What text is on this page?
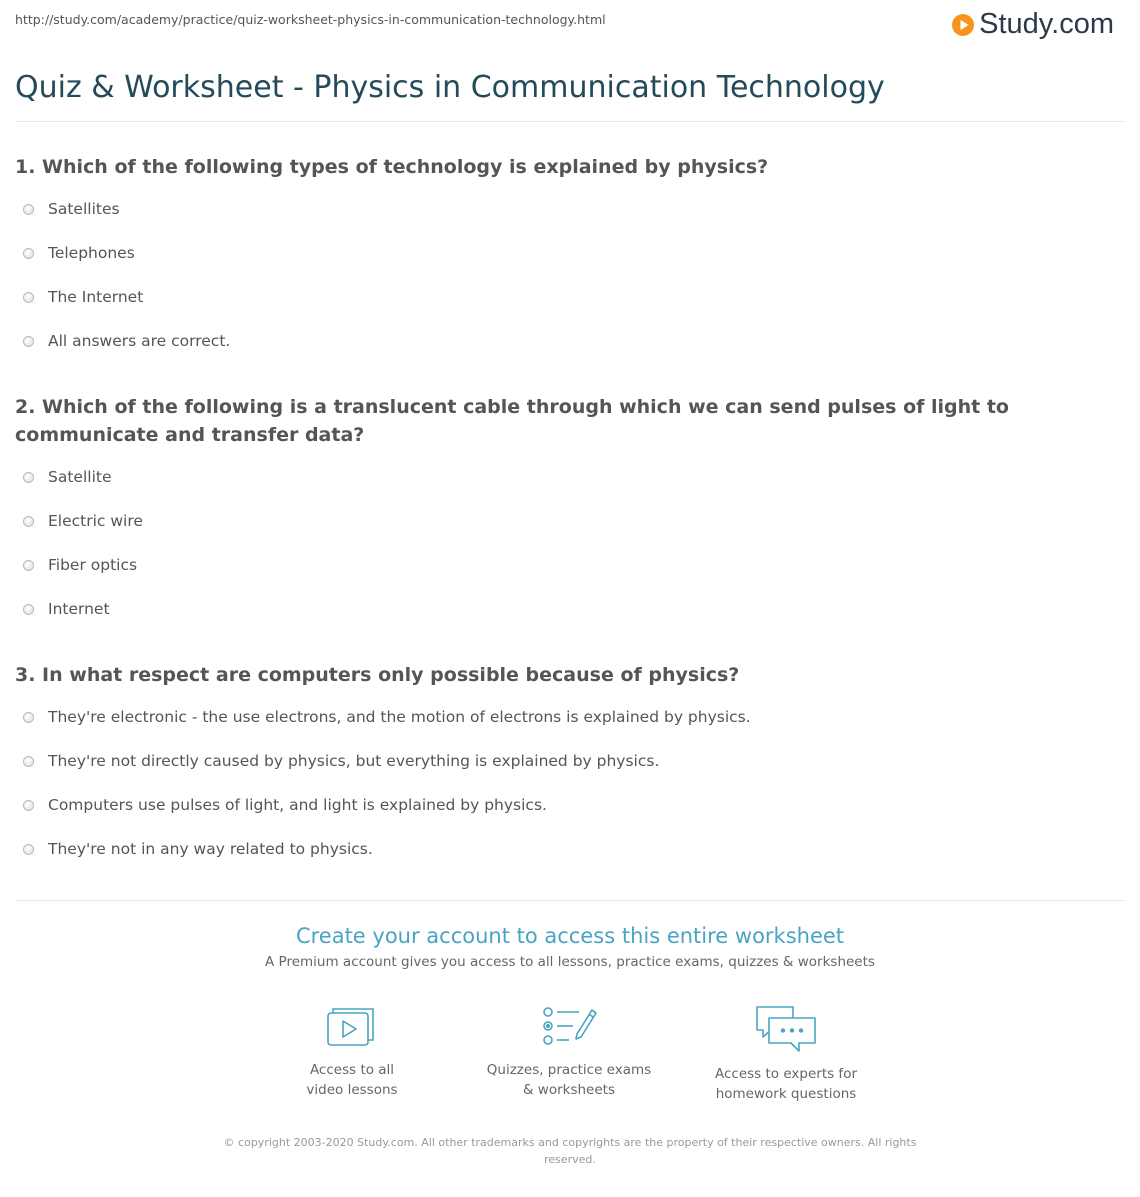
http://study.com/academy/practice/quiz-worksheet-physics-in-communication-technology.html	Study.com
Quiz & Worksheet - Physics in Communication Technology

1. Which of the following types of technology is explained by physics?

Satellites
Telephones
The Internet
All answers are correct.

2. Which of the following is a translucent cable through which we can send pulses of light to communicate and transfer data?

Satellite
Electric wire
Fiber optics
Internet

3. In what respect are computers only possible because of physics?

They're electronic - the use electrons, and the motion of electrons is explained by physics.
They're not directly caused by physics, but everything is explained by physics.
Computers use pulses of light, and light is explained by physics.
They're not in any way related to physics.
Create your account to access this entire worksheet
A Premium account gives you access to all lessons, practice exams, quizzes & worksheets
Access to all
video lessons
Quizzes, practice exams
& worksheets
Access to experts for
homework questions
© copyright 2003-2020 Study.com. All other trademarks and copyrights are the property of their respective owners. All rights reserved.
